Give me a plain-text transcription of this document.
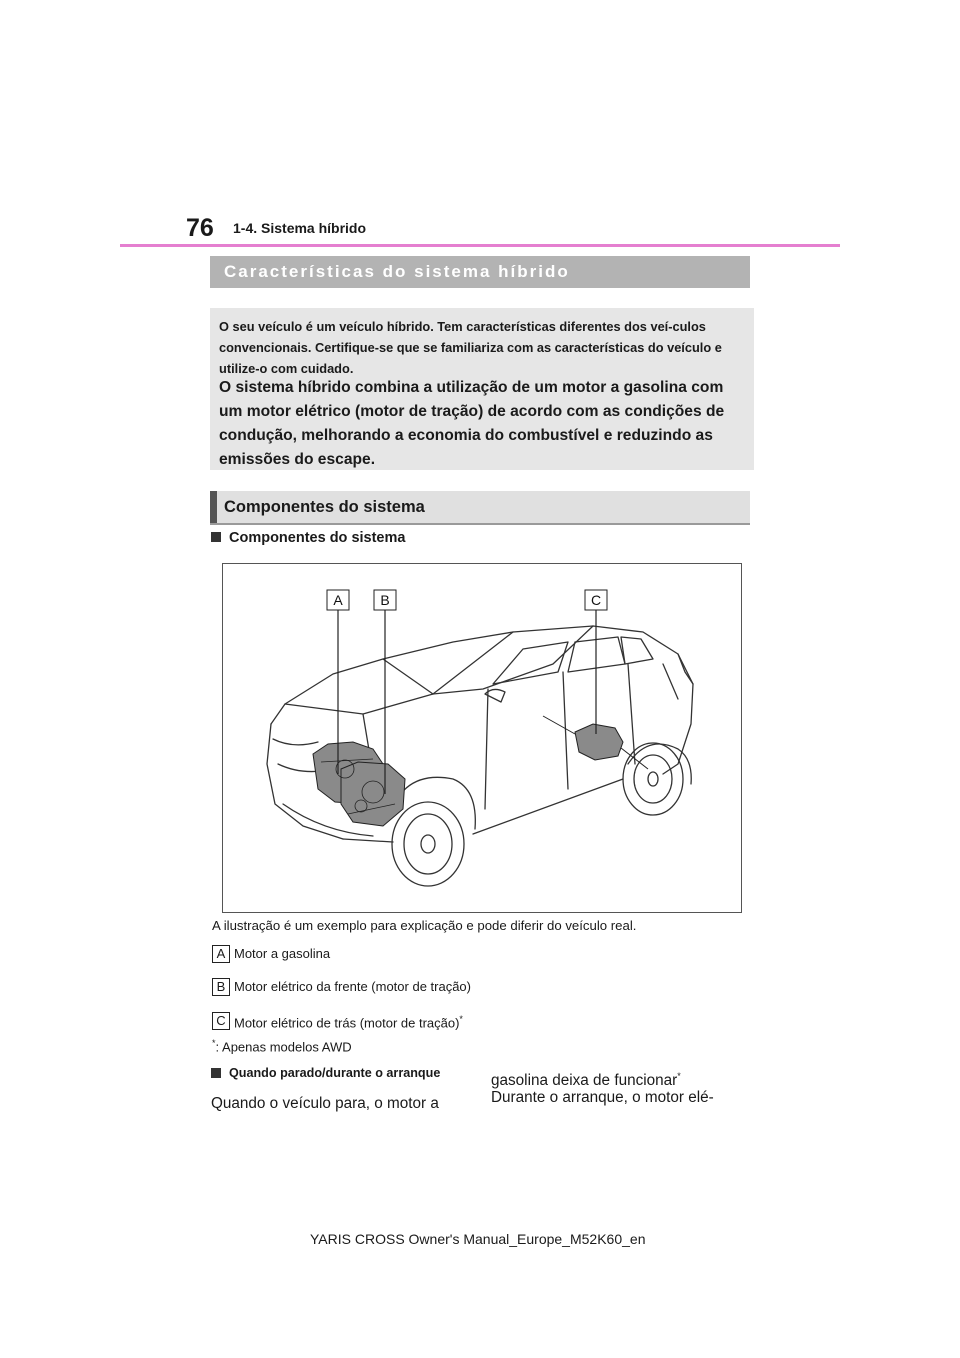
76 1-4. Sistema híbrido
Características do sistema híbrido
O seu veículo é um veículo híbrido. Tem características diferentes dos veí-culos convencionais. Certifique-se que se familiariza com as características do veículo e utilize-o com cuidado.
O sistema híbrido combina a utilização de um motor a gasolina com um motor elétrico (motor de tração) de acordo com as condições de condução, melhorando a economia do combustível e reduzindo as emissões do escape.
Componentes do sistema
Componentes do sistema
A	B	C
A ilustração é um exemplo para explicação e pode diferir do veículo real.
A Motor a gasolina
B Motor elétrico da frente (motor de tração)
C Motor elétrico de trás (motor de tração)*
*: Apenas modelos AWD
Quando parado/durante o arranque
Quando o veículo para, o motor a
gasolina deixa de funcionar*
Durante o arranque, o motor elé-
YARIS CROSS Owner's Manual_Europe_M52K60_en
